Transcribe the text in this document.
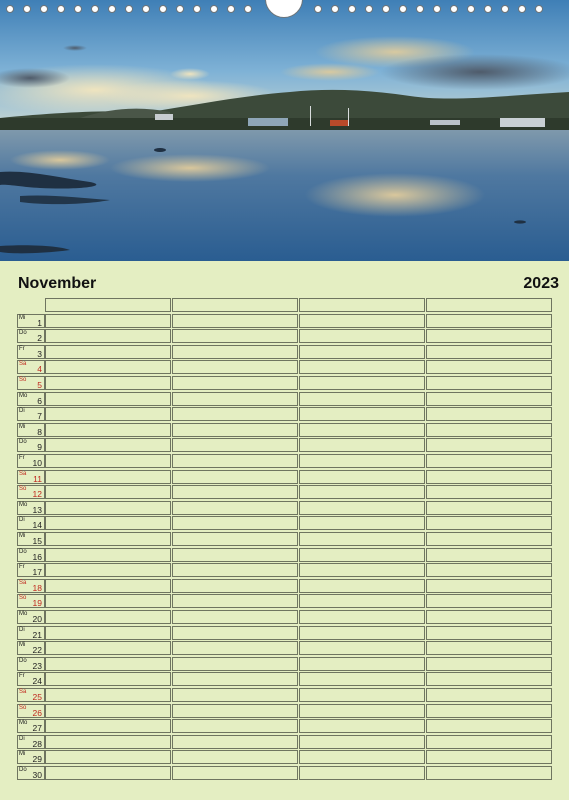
November	2023
Mi 1
Do 2
Fr 3
Sa 4
So 5
Mo 6
Di 7
Mi 8
Do 9
Fr 10
Sa 11
So 12
Mo 13
Di 14
Mi 15
Do 16
Fr 17
Sa 18
So 19
Mo 20
Di 21
Mi 22
Do 23
Fr 24
Sa 25
So 26
Mo 27
Di 28
Mi 29
Do 30
